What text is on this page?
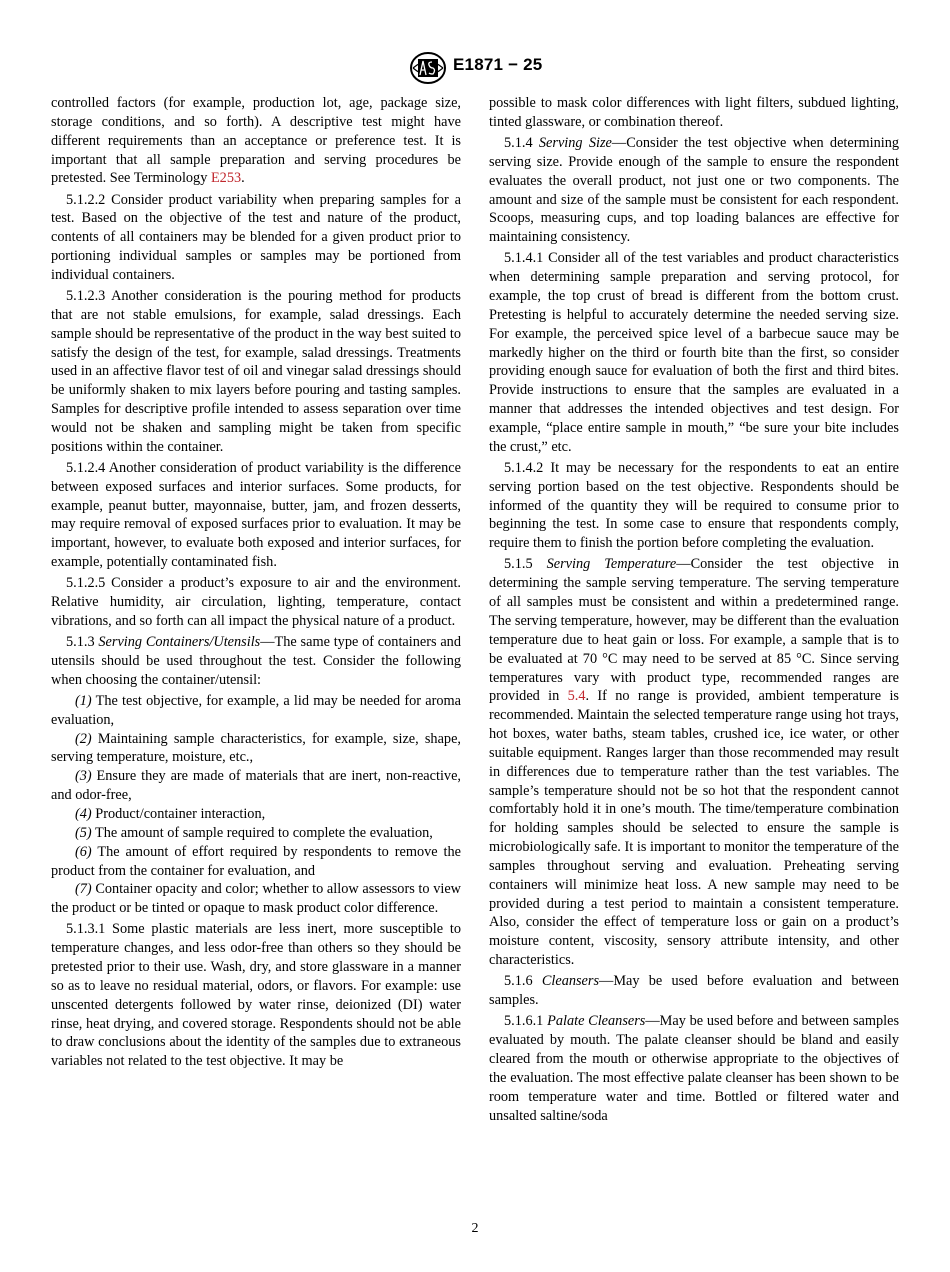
E1871 − 25

controlled factors (for example, production lot, age, package size, storage conditions, and so forth). A descriptive test might have different requirements than an acceptance or preference test. It is important that all sample preparation and serving procedures be pretested. See Terminology E253.

5.1.2.2 Consider product variability when preparing samples for a test. Based on the objective of the test and nature of the product, contents of all containers may be blended for a given product prior to portioning individual samples or samples may be portioned from individual containers.

5.1.2.3 Another consideration is the pouring method for products that are not stable emulsions, for example, salad dressings. Each sample should be representative of the product in the way best suited to satisfy the design of the test, for example, salad dressings. Treatments used in an affective flavor test of oil and vinegar salad dressings should be uniformly shaken to mix layers before pouring and tasting samples. Samples for descriptive profile intended to assess separation over time would not be shaken and sampling might be taken from specific positions within the container.

5.1.2.4 Another consideration of product variability is the difference between exposed surfaces and interior surfaces. Some products, for example, peanut butter, mayonnaise, butter, jam, and frozen desserts, may require removal of exposed surfaces prior to evaluation. It may be important, however, to evaluate both exposed and interior surfaces, for example, potentially contaminated fish.

5.1.2.5 Consider a product’s exposure to air and the environment. Relative humidity, air circulation, lighting, temperature, contact vibrations, and so forth can all impact the physical nature of a product.

5.1.3 Serving Containers/Utensils—The same type of containers and utensils should be used throughout the test. Consider the following when choosing the container/utensil:

(1) The test objective, for example, a lid may be needed for aroma evaluation,

(2) Maintaining sample characteristics, for example, size, shape, serving temperature, moisture, etc.,

(3) Ensure they are made of materials that are inert, non-reactive, and odor-free,

(4) Product/container interaction,

(5) The amount of sample required to complete the evaluation,

(6) The amount of effort required by respondents to remove the product from the container for evaluation, and

(7) Container opacity and color; whether to allow assessors to view the product or be tinted or opaque to mask product color difference.

5.1.3.1 Some plastic materials are less inert, more susceptible to temperature changes, and less odor-free than others so they should be pretested prior to their use. Wash, dry, and store glassware in a manner so as to leave no residual material, odors, or flavors. For example: use unscented detergents followed by water rinse, deionized (DI) water rinse, heat drying, and covered storage. Respondents should not be able to draw conclusions about the identity of the samples due to extraneous variables not related to the test objective. It may be

possible to mask color differences with light filters, subdued lighting, tinted glassware, or combination thereof.

5.1.4 Serving Size—Consider the test objective when determining serving size. Provide enough of the sample to ensure the respondent evaluates the overall product, not just one or two components. The amount and size of the sample must be consistent for each respondent. Scoops, measuring cups, and top loading balances are effective for maintaining consistency.

5.1.4.1 Consider all of the test variables and product characteristics when determining sample preparation and serving protocol, for example, the top crust of bread is different from the bottom crust. Pretesting is helpful to accurately determine the needed serving size. For example, the perceived spice level of a barbecue sauce may be markedly higher on the third or fourth bite than the first, so consider providing enough sauce for evaluation of both the first and third bites. Provide instructions to ensure that the samples are evaluated in a manner that addresses the intended objectives and test design. For example, “place entire sample in mouth,” “be sure your bite includes the crust,” etc.

5.1.4.2 It may be necessary for the respondents to eat an entire serving portion based on the test objective. Respondents should be informed of the quantity they will be required to consume prior to beginning the test. In some case to ensure that respondents comply, require them to finish the portion before completing the evaluation.

5.1.5 Serving Temperature—Consider the test objective in determining the sample serving temperature. The serving temperature of all samples must be consistent and within a predetermined range. The serving temperature, however, may be different than the evaluation temperature due to heat gain or loss. For example, a sample that is to be evaluated at 70 °C may need to be served at 85 °C. Since serving temperatures vary with product type, recommended ranges are provided in 5.4. If no range is provided, ambient temperature is recommended. Maintain the selected temperature range using hot trays, hot boxes, water baths, steam tables, crushed ice, ice water, or other suitable equipment. Ranges larger than those recommended may result in differences due to temperature rather than the test variables. The sample’s temperature should not be so hot that the respondent cannot comfortably hold it in one’s mouth. The time/temperature combination for holding samples should be selected to ensure the sample is microbiologically safe. It is important to monitor the temperature of the samples throughout serving and evaluation. Preheating serving containers will minimize heat loss. A new sample may need to be provided during a test period to maintain a consistent temperature. Also, consider the effect of temperature loss or gain on a product’s moisture content, viscosity, sensory attribute intensity, and other characteristics.

5.1.6 Cleansers—May be used before evaluation and between samples.

5.1.6.1 Palate Cleansers—May be used before and between samples evaluated by mouth. The palate cleanser should be bland and easily cleared from the mouth or otherwise appropriate to the objectives of the evaluation. The most effective palate cleanser has been shown to be room temperature water and time. Bottled or filtered water and unsalted saltine/soda

2
